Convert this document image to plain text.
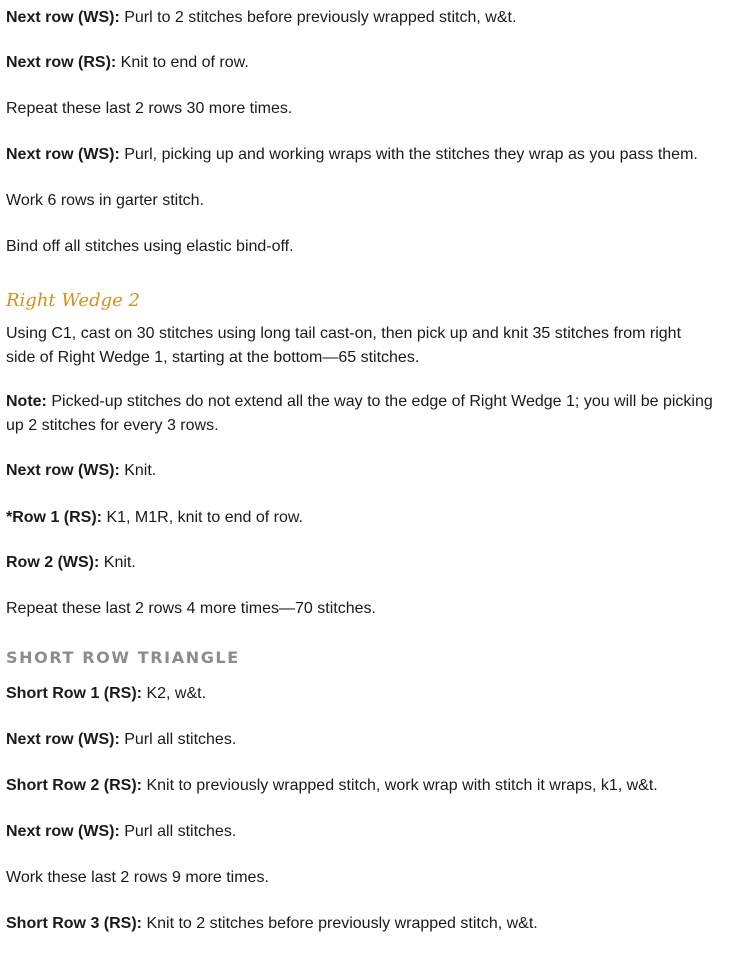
Next row (WS): Purl to 2 stitches before previously wrapped stitch, w&t.
Next row (RS): Knit to end of row.
Repeat these last 2 rows 30 more times.
Next row (WS): Purl, picking up and working wraps with the stitches they wrap as you pass them.
Work 6 rows in garter stitch.
Bind off all stitches using elastic bind-off.
Right Wedge 2
Using C1, cast on 30 stitches using long tail cast-on, then pick up and knit 35 stitches from right
side of Right Wedge 1, starting at the bottom—65 stitches.
Note: Picked-up stitches do not extend all the way to the edge of Right Wedge 1; you will be picking
up 2 stitches for every 3 rows.
Next row (WS): Knit.
*Row 1 (RS): K1, M1R, knit to end of row.
Row 2 (WS): Knit.
Repeat these last 2 rows 4 more times—70 stitches.
SHORT ROW TRIANGLE
Short Row 1 (RS): K2, w&t.
Next row (WS): Purl all stitches.
Short Row 2 (RS): Knit to previously wrapped stitch, work wrap with stitch it wraps, k1, w&t.
Next row (WS): Purl all stitches.
Work these last 2 rows 9 more times.
Short Row 3 (RS): Knit to 2 stitches before previously wrapped stitch, w&t.
